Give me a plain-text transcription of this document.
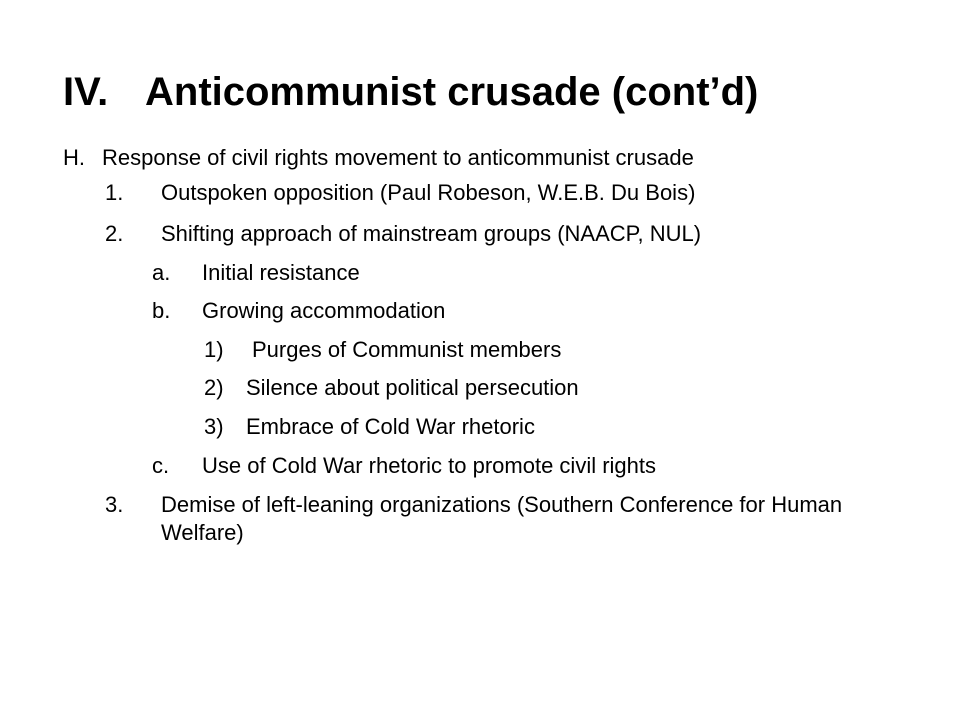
IV. Anticommunist crusade (cont’d)
H. Response of civil rights movement to anticommunist crusade
1. Outspoken opposition (Paul Robeson, W.E.B. Du Bois)
2. Shifting approach of mainstream groups (NAACP, NUL)
a. Initial resistance
b. Growing accommodation
1) Purges of Communist members
2) Silence about political persecution
3) Embrace of Cold War rhetoric
c. Use of Cold War rhetoric to promote civil rights
3. Demise of left-leaning organizations (Southern Conference for Human Welfare)
